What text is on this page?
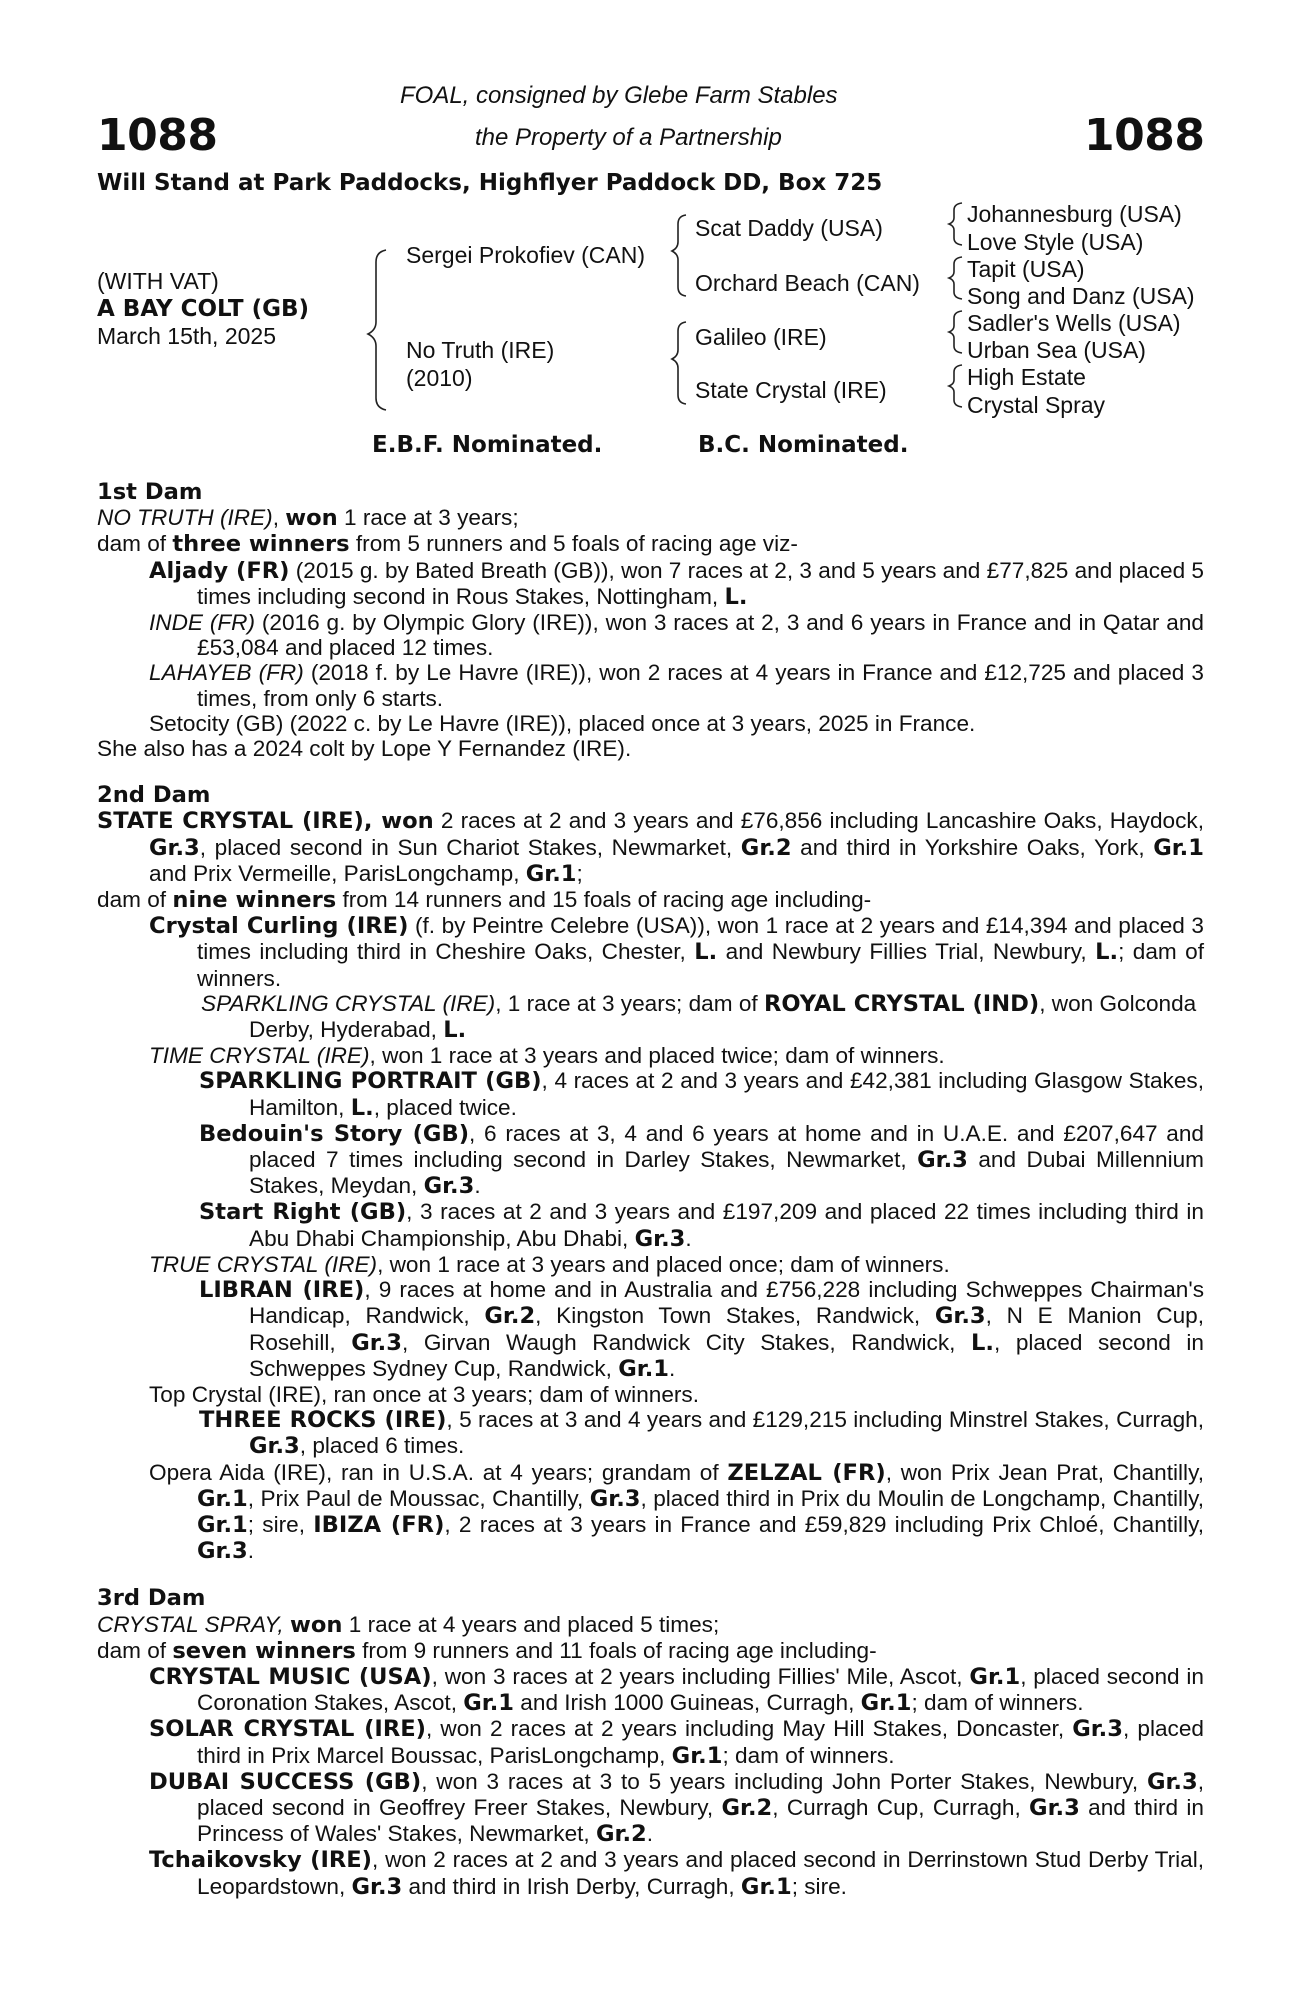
1088	1088
FOAL, consigned by Glebe Farm Stables
the Property of a Partnership
Will Stand at Park Paddocks, Highflyer Paddock DD, Box 725
(WITH VAT)
A BAY COLT (GB)
March 15th, 2025
Sergei Prokofiev (CAN)
No Truth (IRE)
(2010)
Scat Daddy (USA)
Orchard Beach (CAN)
Galileo (IRE)
State Crystal (IRE)
Johannesburg (USA)
Love Style (USA)
Tapit (USA)
Song and Danz (USA)
Sadler's Wells (USA)
Urban Sea (USA)
High Estate
Crystal Spray
E.B.F. Nominated.	B.C. Nominated.

1st Dam

NO TRUTH (IRE), won 1 race at 3 years;

dam of three winners from 5 runners and 5 foals of racing age viz-

Aljady (FR) (2015 g. by Bated Breath (GB)), won 7 races at 2, 3 and 5 years and £77,825 and placed 5 times including second in Rous Stakes, Nottingham, L.

INDE (FR) (2016 g. by Olympic Glory (IRE)), won 3 races at 2, 3 and 6 years in France and in Qatar and £53,084 and placed 12 times.

LAHAYEB (FR) (2018 f. by Le Havre (IRE)), won 2 races at 4 years in France and £12,725 and placed 3 times, from only 6 starts.

Setocity (GB) (2022 c. by Le Havre (IRE)), placed once at 3 years, 2025 in France.

She also has a 2024 colt by Lope Y Fernandez (IRE).

2nd Dam

STATE CRYSTAL (IRE), won 2 races at 2 and 3 years and £76,856 including Lancashire Oaks, Haydock, Gr.3, placed second in Sun Chariot Stakes, Newmarket, Gr.2 and third in Yorkshire Oaks, York, Gr.1 and Prix Vermeille, ParisLongchamp, Gr.1;

dam of nine winners from 14 runners and 15 foals of racing age including-

Crystal Curling (IRE) (f. by Peintre Celebre (USA)), won 1 race at 2 years and £14,394 and placed 3 times including third in Cheshire Oaks, Chester, L. and Newbury Fillies Trial, Newbury, L.; dam of winners.

SPARKLING CRYSTAL (IRE), 1 race at 3 years; dam of ROYAL CRYSTAL (IND), won Golconda Derby, Hyderabad, L.

TIME CRYSTAL (IRE), won 1 race at 3 years and placed twice; dam of winners.

SPARKLING PORTRAIT (GB), 4 races at 2 and 3 years and £42,381 including Glasgow Stakes, Hamilton, L., placed twice.

Bedouin's Story (GB), 6 races at 3, 4 and 6 years at home and in U.A.E. and £207,647 and placed 7 times including second in Darley Stakes, Newmarket, Gr.3 and Dubai Millennium Stakes, Meydan, Gr.3.

Start Right (GB), 3 races at 2 and 3 years and £197,209 and placed 22 times including third in Abu Dhabi Championship, Abu Dhabi, Gr.3.

TRUE CRYSTAL (IRE), won 1 race at 3 years and placed once; dam of winners.

LIBRAN (IRE), 9 races at home and in Australia and £756,228 including Schweppes Chairman's Handicap, Randwick, Gr.2, Kingston Town Stakes, Randwick, Gr.3, N E Manion Cup, Rosehill, Gr.3, Girvan Waugh Randwick City Stakes, Randwick, L., placed second in Schweppes Sydney Cup, Randwick, Gr.1.

Top Crystal (IRE), ran once at 3 years; dam of winners.

THREE ROCKS (IRE), 5 races at 3 and 4 years and £129,215 including Minstrel Stakes, Curragh, Gr.3, placed 6 times.

Opera Aida (IRE), ran in U.S.A. at 4 years; grandam of ZELZAL (FR), won Prix Jean Prat, Chantilly, Gr.1, Prix Paul de Moussac, Chantilly, Gr.3, placed third in Prix du Moulin de Longchamp, Chantilly, Gr.1; sire, IBIZA (FR), 2 races at 3 years in France and £59,829 including Prix Chloé, Chantilly, Gr.3.

3rd Dam

CRYSTAL SPRAY, won 1 race at 4 years and placed 5 times;

dam of seven winners from 9 runners and 11 foals of racing age including-

CRYSTAL MUSIC (USA), won 3 races at 2 years including Fillies' Mile, Ascot, Gr.1, placed second in Coronation Stakes, Ascot, Gr.1 and Irish 1000 Guineas, Curragh, Gr.1; dam of winners.

SOLAR CRYSTAL (IRE), won 2 races at 2 years including May Hill Stakes, Doncaster, Gr.3, placed third in Prix Marcel Boussac, ParisLongchamp, Gr.1; dam of winners.

DUBAI SUCCESS (GB), won 3 races at 3 to 5 years including John Porter Stakes, Newbury, Gr.3, placed second in Geoffrey Freer Stakes, Newbury, Gr.2, Curragh Cup, Curragh, Gr.3 and third in Princess of Wales' Stakes, Newmarket, Gr.2.

Tchaikovsky (IRE), won 2 races at 2 and 3 years and placed second in Derrinstown Stud Derby Trial, Leopardstown, Gr.3 and third in Irish Derby, Curragh, Gr.1; sire.
